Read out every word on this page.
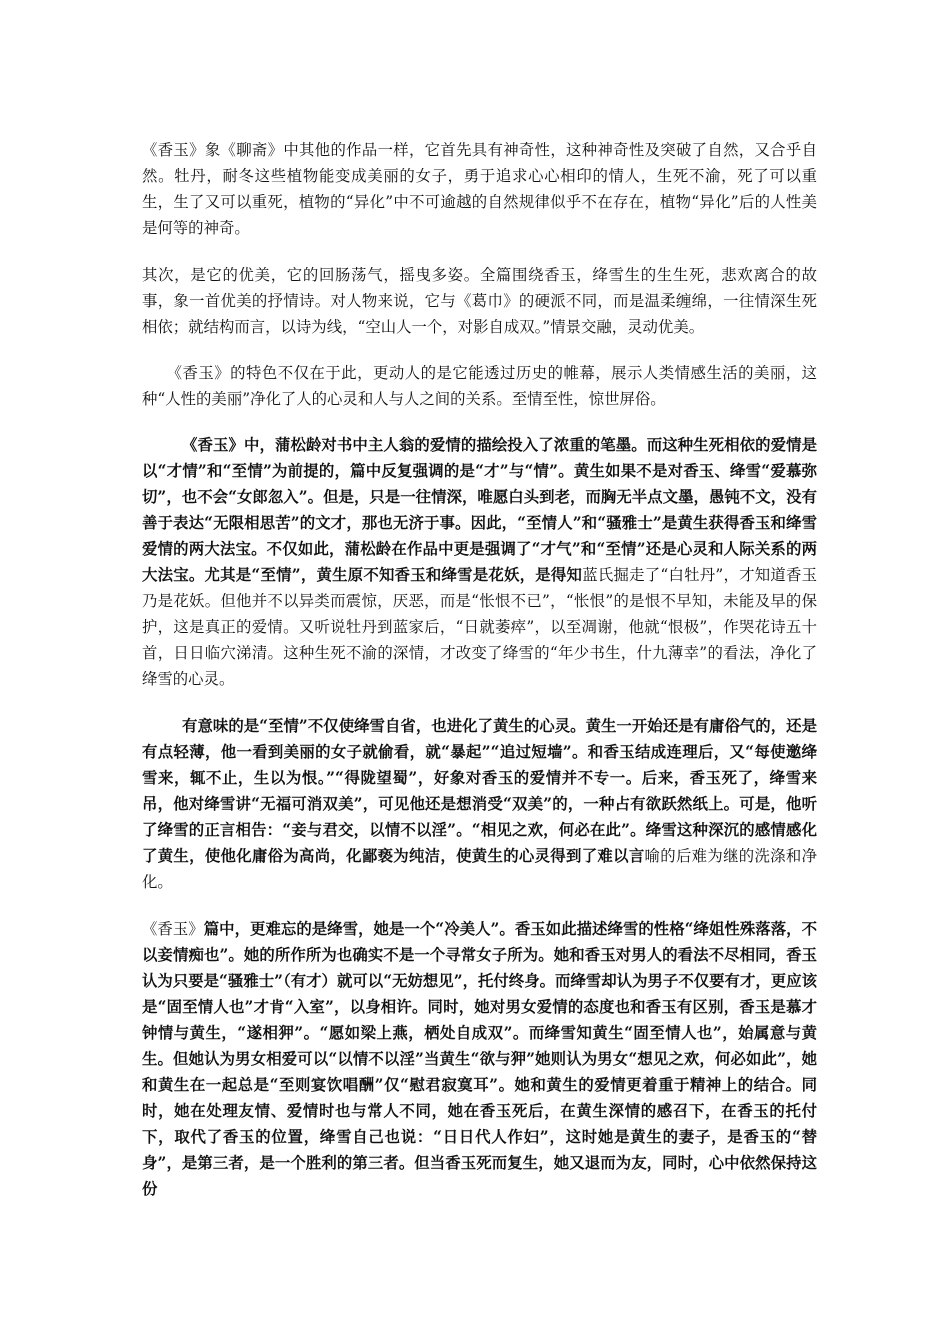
《香玉》象《聊斋》中其他的作品一样，它首先具有神奇性，这种神奇性及突破了自然，又合乎自然。牡丹，耐冬这些植物能变成美丽的女子，勇于追求心心相印的情人，生死不渝，死了可以重生，生了又可以重死，植物的“异化”中不可逾越的自然规律似乎不在存在，植物“异化”后的人性美是何等的神奇。

其次，是它的优美，它的回肠荡气，摇曳多姿。全篇围绕香玉，绛雪生的生生死，悲欢离合的故事，象一首优美的抒情诗。对人物来说，它与《葛巾》的硬派不同，而是温柔缠绵，一往情深生死相依；就结构而言，以诗为线，“空山人一个，对影自成双。”情景交融，灵动优美。

《香玉》的特色不仅在于此，更动人的是它能透过历史的帷幕，展示人类情感生活的美丽，这种“人性的美丽”净化了人的心灵和人与人之间的关系。至情至性，惊世屏俗。

《香玉》中，蒲松龄对书中主人翁的爱情的描绘投入了浓重的笔墨。而这种生死相依的爱情是以“才情”和“至情”为前提的，篇中反复强调的是“才”与“情”。黄生如果不是对香玉、绛雪“爱慕弥切”，也不会“女郎忽入”。但是，只是一往情深，唯愿白头到老，而胸无半点文墨，愚钝不文，没有善于表达“无限相思苦”的文才，那也无济于事。因此，“至情人”和“骚雅士”是黄生获得香玉和绛雪爱情的两大法宝。不仅如此，蒲松龄在作品中更是强调了“才气”和“至情”还是心灵和人际关系的两大法宝。尤其是“至情”，黄生原不知香玉和绛雪是花妖，是得知蓝氏掘走了“白牡丹”，才知道香玉乃是花妖。但他并不以异类而震惊，厌恶，而是“怅恨不已”，“怅恨”的是恨不早知，未能及早的保护，这是真正的爱情。又听说牡丹到蓝家后，“日就萎瘁”，以至凋谢，他就“恨极”，作哭花诗五十首，日日临穴涕清。这种生死不渝的深情，才改变了绛雪的“年少书生，什九薄幸”的看法，净化了绛雪的心灵。

有意味的是“至情”不仅使绛雪自省，也进化了黄生的心灵。黄生一开始还是有庸俗气的，还是有点轻薄，他一看到美丽的女子就偷看，就“暴起”“追过短墙”。和香玉结成连理后，又“每使邀绛雪来，辄不止，生以为恨。”“得陇望蜀”，好象对香玉的爱情并不专一。后来，香玉死了，绛雪来吊，他对绛雪讲“无福可消双美”，可见他还是想消受“双美”的，一种占有欲跃然纸上。可是，他听了绛雪的正言相告：“妾与君交，以情不以淫”。“相见之欢，何必在此”。绛雪这种深沉的感情感化了黄生，使他化庸俗为高尚，化鄙亵为纯洁，使黄生的心灵得到了难以言喻的后难为继的洗涤和净化。

《香玉》篇中，更难忘的是绛雪，她是一个“冷美人”。香玉如此描述绛雪的性格“绛姐性殊落落，不以妾情痴也”。她的所作所为也确实不是一个寻常女子所为。她和香玉对男人的看法不尽相同，香玉认为只要是“骚雅士”（有才）就可以“无妨想见”，托付终身。而绛雪却认为男子不仅要有才，更应该是“固至情人也”才肯“入室”，以身相许。同时，她对男女爱情的态度也和香玉有区别，香玉是慕才钟情与黄生，“遂相狎”。“愿如梁上燕，栖处自成双”。而绛雪知黄生“固至情人也”，始属意与黄生。但她认为男女相爱可以“以情不以淫”当黄生“欲与狎”她则认为男女“想见之欢，何必如此”，她和黄生在一起总是“至则宴饮唱酬”仅“慰君寂寞耳”。她和黄生的爱情更着重于精神上的结合。同时，她在处理友情、爱情时也与常人不同，她在香玉死后，在黄生深情的感召下，在香玉的托付下，取代了香玉的位置，绛雪自己也说：“日日代人作妇”，这时她是黄生的妻子，是香玉的“替身”，是第三者，是一个胜利的第三者。但当香玉死而复生，她又退而为友，同时，心中依然保持这份
